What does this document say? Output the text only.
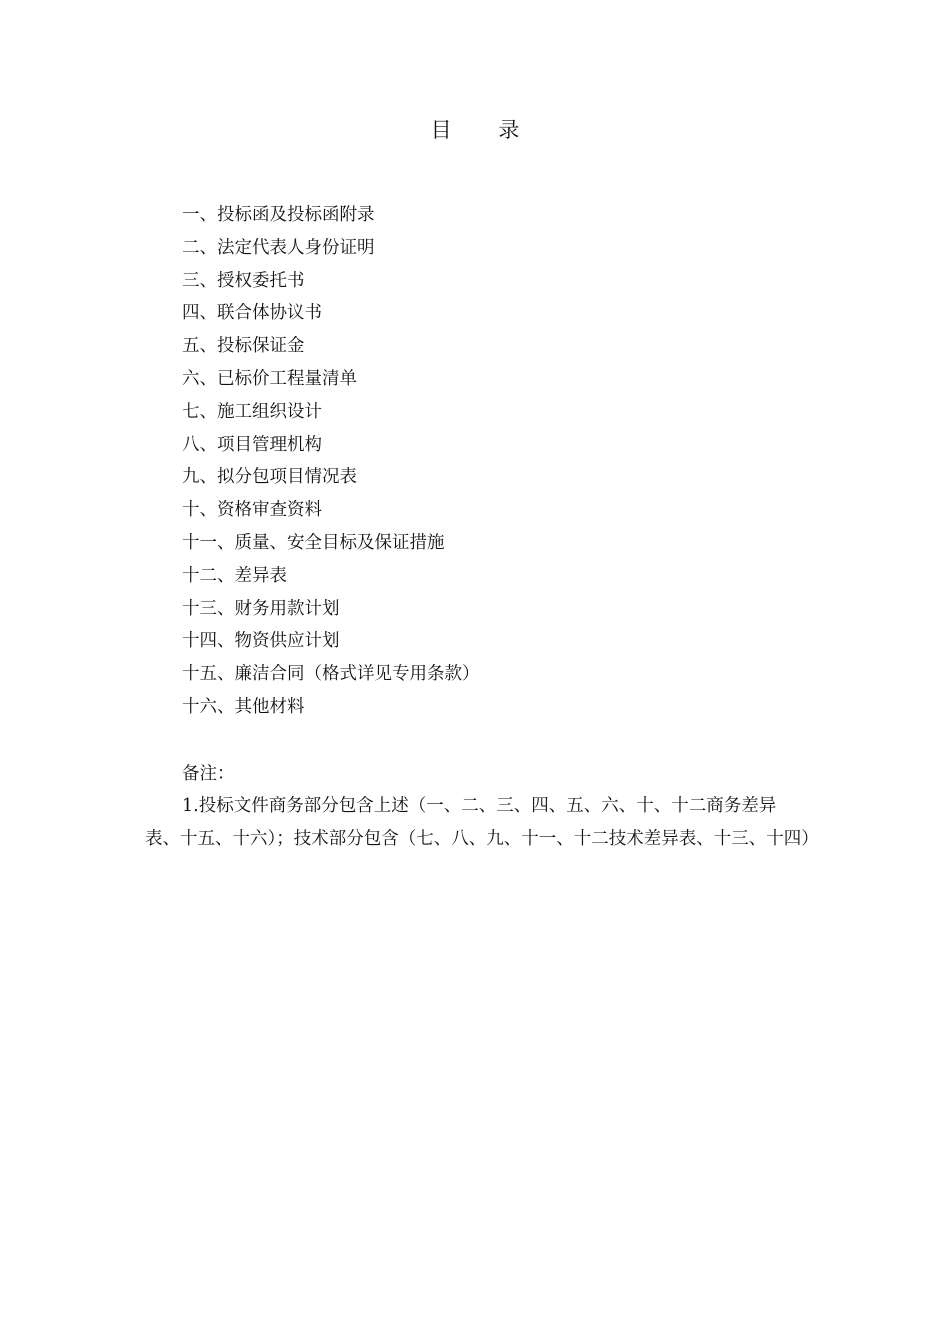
目 录
一、投标函及投标函附录
二、法定代表人身份证明
三、授权委托书
四、联合体协议书
五、投标保证金
六、已标价工程量清单
七、施工组织设计
八、项目管理机构
九、拟分包项目情况表
十、资格审查资料
十一、质量、安全目标及保证措施
十二、差异表
十三、财务用款计划
十四、物资供应计划
十五、廉洁合同（格式详见专用条款）
十六、其他材料
备注：
1.投标文件商务部分包含上述（一、二、三、四、五、六、十、十二商务差异表、十五、十六）；技术部分包含（七、八、九、十一、十二技术差异表、十三、十四）
